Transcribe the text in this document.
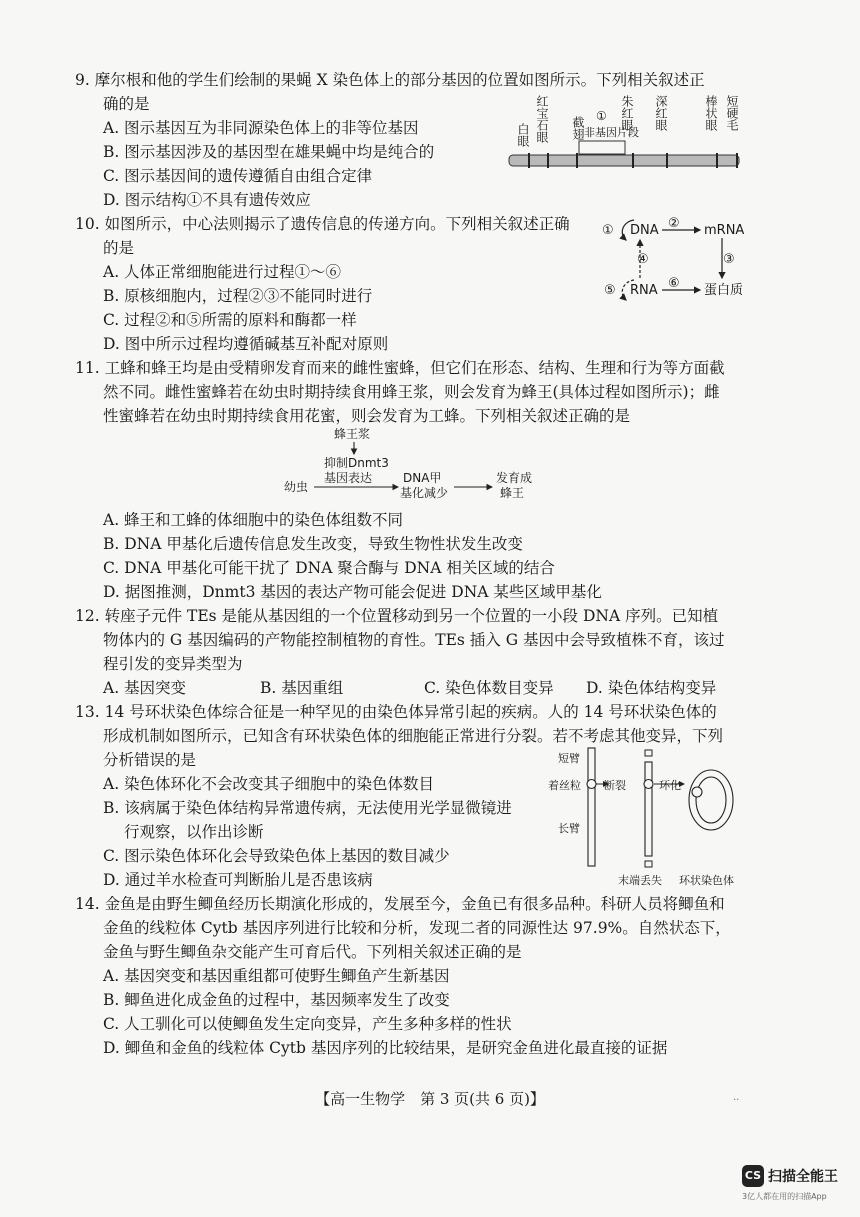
9. 摩尔根和他的学生们绘制的果蝇 X 染色体上的部分基因的位置如图所示。下列相关叙述正
确的是
A. 图示基因互为非同源染色体上的非等位基因
B. 图示基因涉及的基因型在雄果蝇中均是纯合的
C. 图示基因间的遗传遵循自由组合定律
D. 图示结构①不具有遗传效应
白眼 红宝石眼 截翅	朱红眼 深红眼	棒状眼 短硬毛
①
非基因片段
10. 如图所示，中心法则揭示了遗传信息的传递方向。下列相关叙述正确
的是
A. 人体正常细胞能进行过程①～⑥
B. 原核细胞内，过程②③不能同时进行
C. 过程②和⑤所需的原料和酶都一样
D. 图中所示过程均遵循碱基互补配对原则
① DNA ② mRNA
④	③
⑤ RNA ⑥ 蛋白质
11. 工蜂和蜂王均是由受精卵发育而来的雌性蜜蜂，但它们在形态、结构、生理和行为等方面截
然不同。雌性蜜蜂若在幼虫时期持续食用蜂王浆，则会发育为蜂王(具体过程如图所示)；雌
性蜜蜂若在幼虫时期持续食用花蜜，则会发育为工蜂。下列相关叙述正确的是
蜂王浆
抑制Dnmt3
基因表达
幼虫
DNA甲
基化减少
发育成
蜂王
A. 蜂王和工蜂的体细胞中的染色体组数不同
B. DNA 甲基化后遗传信息发生改变，导致生物性状发生改变
C. DNA 甲基化可能干扰了 DNA 聚合酶与 DNA 相关区域的结合
D. 据图推测，Dnmt3 基因的表达产物可能会促进 DNA 某些区域甲基化
12. 转座子元件 TEs 是能从基因组的一个位置移动到另一个位置的一小段 DNA 序列。已知植
物体内的 G 基因编码的产物能控制植物的育性。TEs 插入 G 基因中会导致植株不育，该过
程引发的变异类型为
A. 基因突变	B. 基因重组	C. 染色体数目变异 D. 染色体结构变异
13. 14 号环状染色体综合征是一种罕见的由染色体异常引起的疾病。人的 14 号环状染色体的
形成机制如图所示，已知含有环状染色体的细胞能正常进行分裂。若不考虑其他变异，下列
分析错误的是
A. 染色体环化不会改变其子细胞中的染色体数目
B. 该病属于染色体结构异常遗传病，无法使用光学显微镜进
行观察，以作出诊断
C. 图示染色体环化会导致染色体上基因的数目减少
D. 通过羊水检查可判断胎儿是否患该病
短臂
着丝粒
长臂
断裂	环化
末端丢失 环状染色体
14. 金鱼是由野生鲫鱼经历长期演化形成的，发展至今，金鱼已有很多品种。科研人员将鲫鱼和
金鱼的线粒体 Cytb 基因序列进行比较和分析，发现二者的同源性达 97.9%。自然状态下，
金鱼与野生鲫鱼杂交能产生可育后代。下列相关叙述正确的是
A. 基因突变和基因重组都可使野生鲫鱼产生新基因
B. 鲫鱼进化成金鱼的过程中，基因频率发生了改变
C. 人工驯化可以使鲫鱼发生定向变异，产生多种多样的性状
D. 鲫鱼和金鱼的线粒体 Cytb 基因序列的比较结果，是研究金鱼进化最直接的证据
【高一生物学　第 3 页(共 6 页)】	··
CS 扫描全能王
3亿人都在用的扫描App
